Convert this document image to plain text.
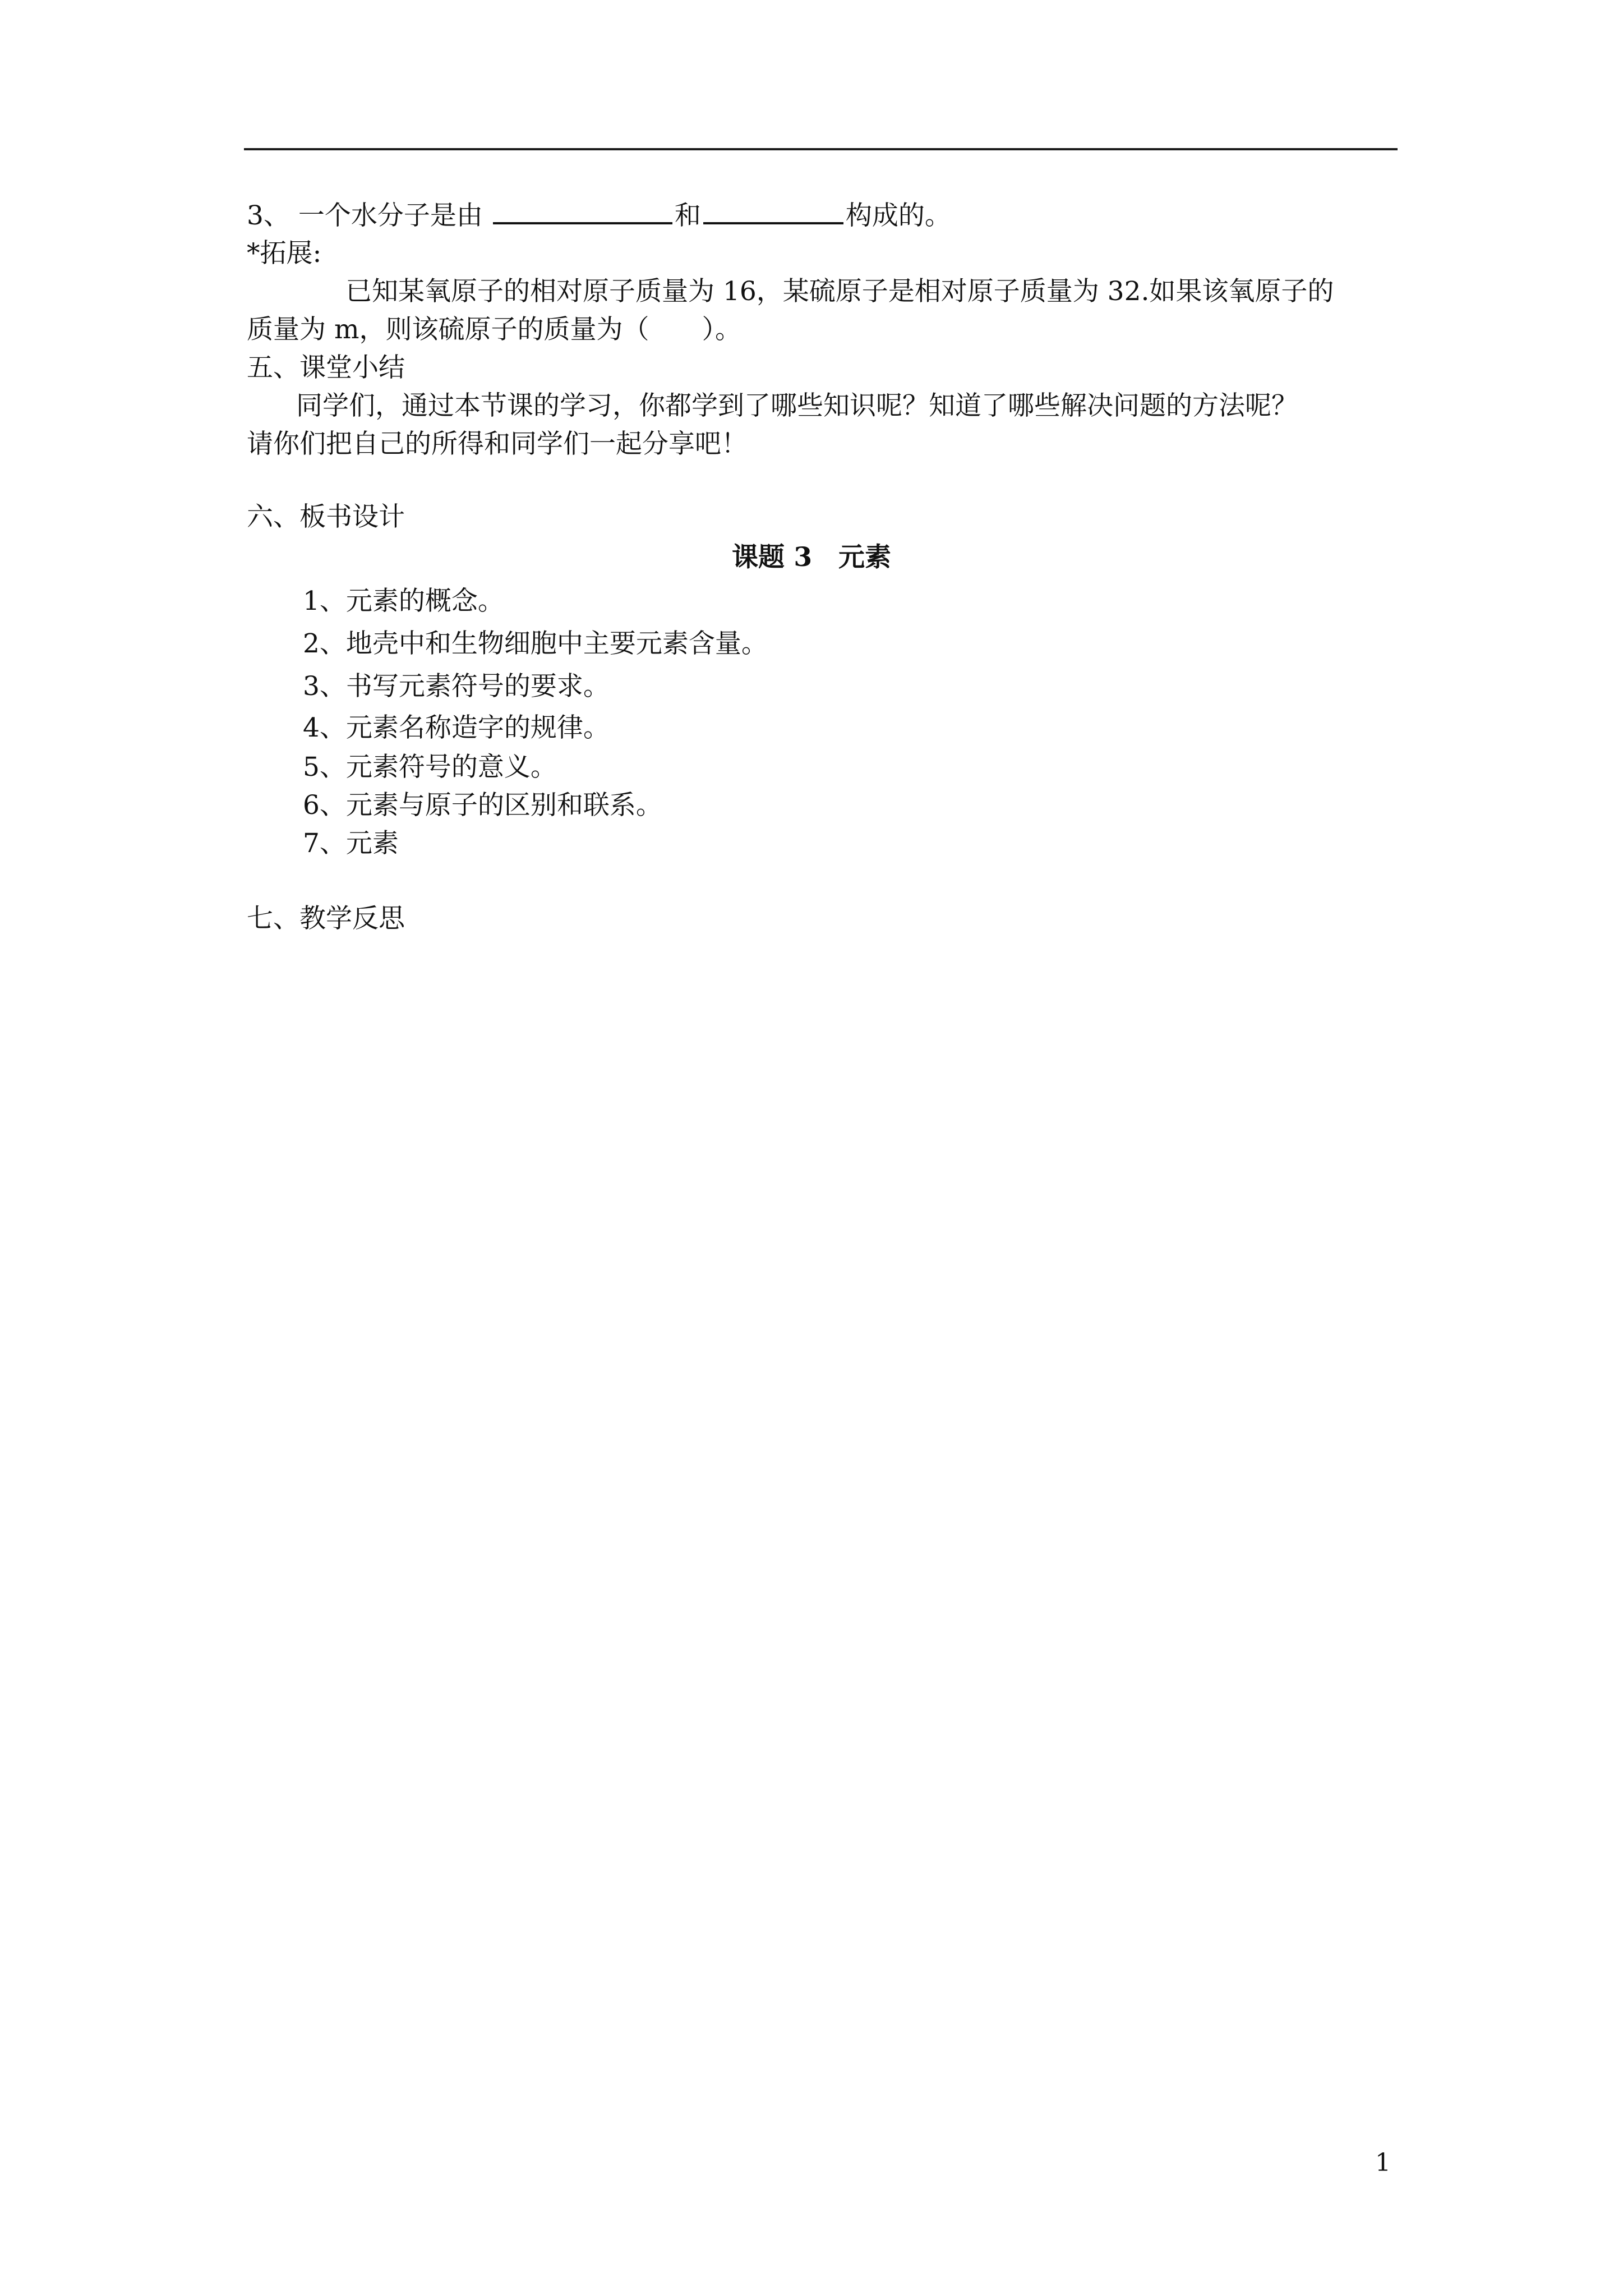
3、 一个水分子是由	和	构成的。
*拓展:
已知某氧原子的相对原子质量为 16，某硫原子是相对原子质量为 32.如果该氧原子的
质量为 m，则该硫原子的质量为（　　）。
五、课堂小结
同学们，通过本节课的学习，你都学到了哪些知识呢？知道了哪些解决问题的方法呢？
请你们把自己的所得和同学们一起分享吧！
六、板书设计
课题 3　元素
1、元素的概念。
2、地壳中和生物细胞中主要元素含量。
3、书写元素符号的要求。
4、元素名称造字的规律。
5、元素符号的意义。
6、元素与原子的区别和联系。
7、元素
七、教学反思
1
